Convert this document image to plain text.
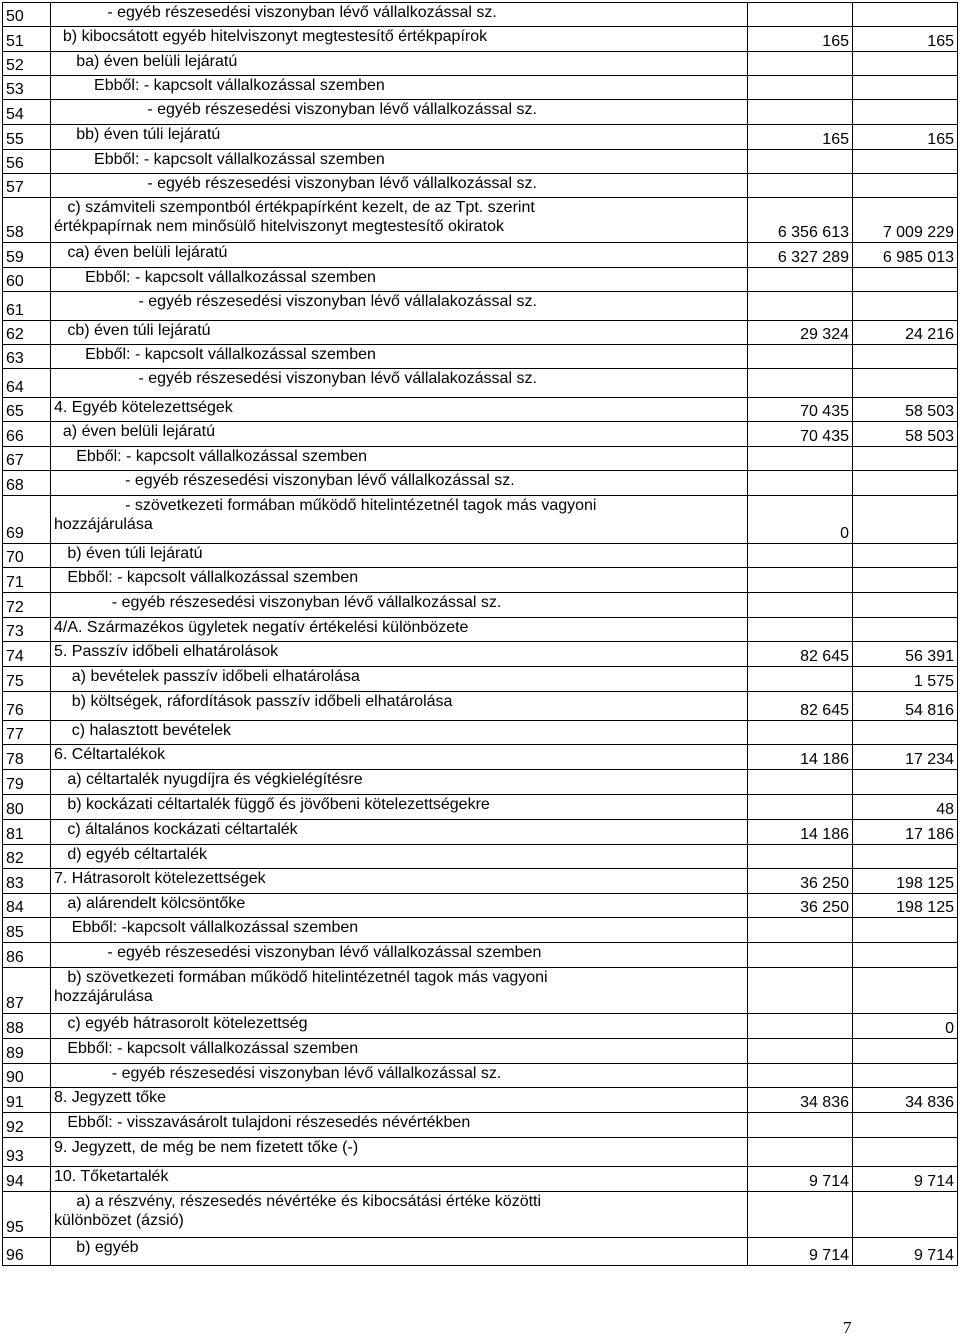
50	- egyéb részesedési viszonyban lévő vállalkozással sz.		
51	b) kibocsátott egyéb hitelviszonyt megtestesítő értékpapírok	165	165
52	ba) éven belüli lejáratú		
53	Ebből: - kapcsolt vállalkozással szemben		
54	- egyéb részesedési viszonyban lévő vállalkozással sz.		
55	bb) éven túli lejáratú	165	165
56	Ebből: - kapcsolt vállalkozással szemben		
57	- egyéb részesedési viszonyban lévő vállalkozással sz.		
58	c) számviteli szempontból értékpapírként kezelt, de az Tpt. szerint
értékpapírnak nem minősülő hitelviszonyt megtestesítő okiratok	6 356 613	7 009 229
59	ca) éven belüli lejáratú	6 327 289	6 985 013
60	Ebből: - kapcsolt vállalkozással szemben		
61	- egyéb részesedési viszonyban lévő vállalakozással sz.		
62	cb) éven túli lejáratú	29 324	24 216
63	Ebből: - kapcsolt vállalkozással szemben		
64	- egyéb részesedési viszonyban lévő vállalakozással sz.		
65	4. Egyéb kötelezettségek	70 435	58 503
66	a) éven belüli lejáratú	70 435	58 503
67	Ebből: - kapcsolt vállalkozással szemben		
68	- egyéb részesedési viszonyban lévő vállalkozással sz.		
69	- szövetkezeti formában működő hitelintézetnél tagok más vagyoni
hozzájárulása	0	
70	b) éven túli lejáratú		
71	Ebből: - kapcsolt vállalkozással szemben		
72	- egyéb részesedési viszonyban lévő vállalkozással sz.		
73	4/A. Származékos ügyletek negatív értékelési különbözete		
74	5. Passzív időbeli elhatárolások	82 645	56 391
75	a) bevételek passzív időbeli elhatárolása		1 575
76	b) költségek, ráfordítások passzív időbeli elhatárolása	82 645	54 816
77	c) halasztott bevételek		
78	6. Céltartalékok	14 186	17 234
79	a) céltartalék nyugdíjra és végkielégítésre		
80	b) kockázati céltartalék függő és jövőbeni kötelezettségekre		48
81	c) általános kockázati céltartalék	14 186	17 186
82	d) egyéb céltartalék		
83	7. Hátrasorolt kötelezettségek	36 250	198 125
84	a) alárendelt kölcsöntőke	36 250	198 125
85	Ebből: -kapcsolt vállalkozással szemben		
86	- egyéb részesedési viszonyban lévő vállalkozással szemben		
87	b) szövetkezeti formában működő hitelintézetnél tagok más vagyoni
hozzájárulása		
88	c) egyéb hátrasorolt kötelezettség		0
89	Ebből: - kapcsolt vállalkozással szemben		
90	- egyéb részesedési viszonyban lévő vállalkozással sz.		
91	8. Jegyzett tőke	34 836	34 836
92	Ebből: - visszavásárolt tulajdoni részesedés névértékben		
93	9. Jegyzett, de még be nem fizetett tőke (-)		
94	10. Tőketartalék	9 714	9 714
95	a) a részvény, részesedés névértéke és kibocsátási értéke közötti
különbözet (ázsió)		
96	b) egyéb	9 714	9 714
7
